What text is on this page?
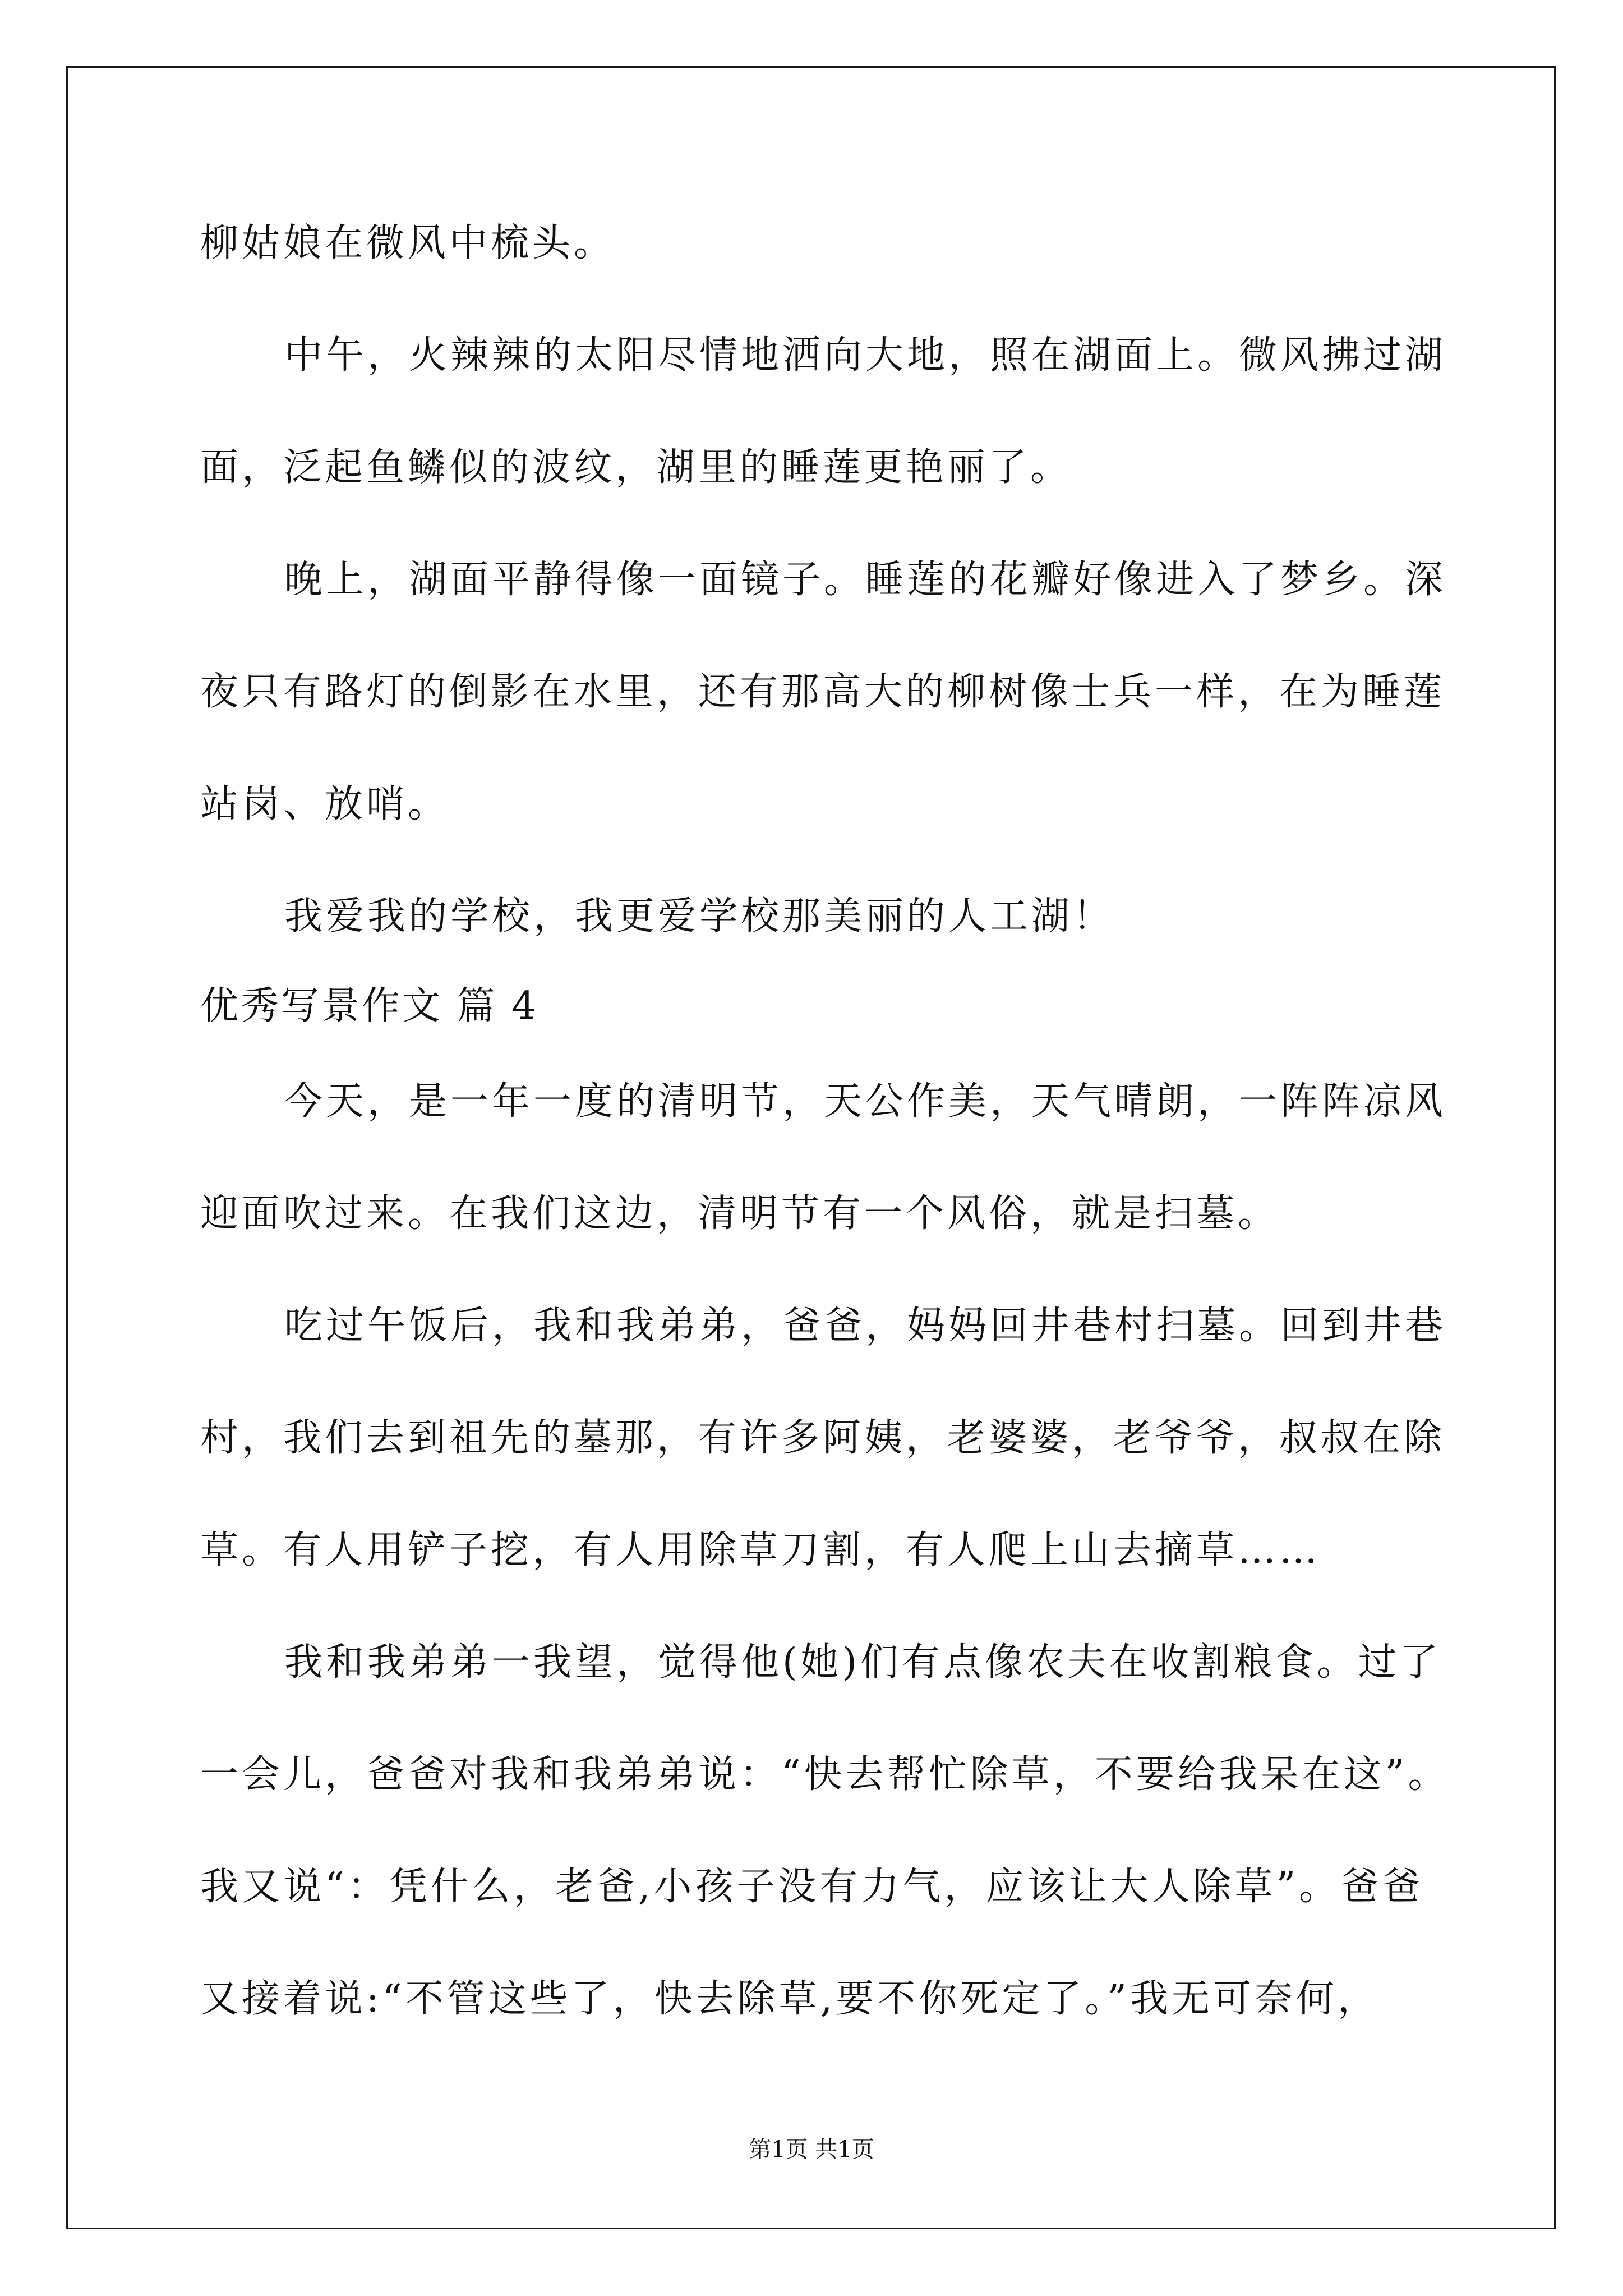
柳姑娘在微风中梳头。
中午，火辣辣的太阳尽情地洒向大地，照在湖面上。微风拂过湖
面，泛起鱼鳞似的波纹，湖里的睡莲更艳丽了。
晚上，湖面平静得像一面镜子。睡莲的花瓣好像进入了梦乡。深
夜只有路灯的倒影在水里，还有那高大的柳树像士兵一样，在为睡莲
站岗、放哨。
我爱我的学校，我更爱学校那美丽的人工湖！
优秀写景作文 篇 4
今天，是一年一度的清明节，天公作美，天气晴朗，一阵阵凉风
迎面吹过来。在我们这边，清明节有一个风俗，就是扫墓。
吃过午饭后，我和我弟弟，爸爸，妈妈回井巷村扫墓。回到井巷
村，我们去到祖先的墓那，有许多阿姨，老婆婆，老爷爷，叔叔在除
草。有人用铲子挖，有人用除草刀割，有人爬上山去摘草……
我和我弟弟一我望，觉得他(她)们有点像农夫在收割粮食。过了
一会儿，爸爸对我和我弟弟说：“快去帮忙除草，不要给我呆在这”。
我又说“：凭什么，老爸,小孩子没有力气，应该让大人除草”。爸爸
又接着说:“不管这些了，快去除草,要不你死定了。”我无可奈何，
第1页 共1页
